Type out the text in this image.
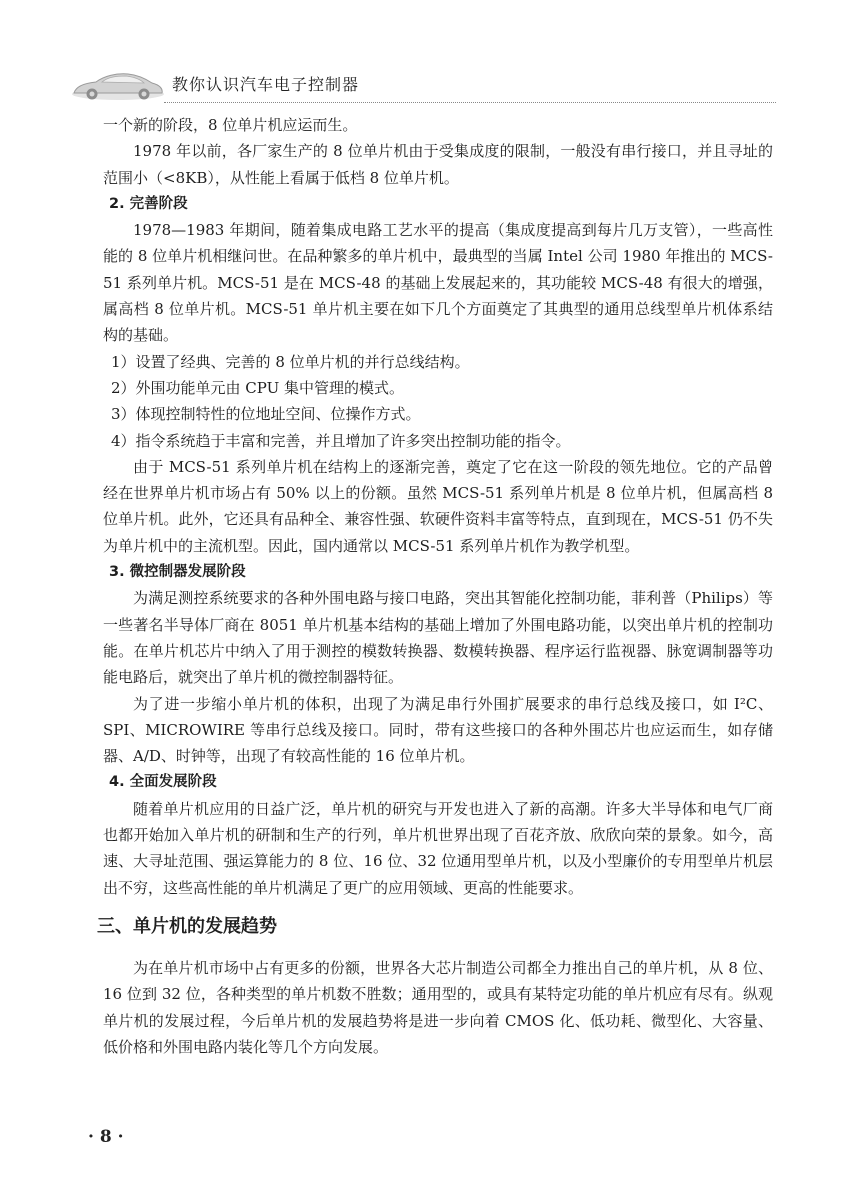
教你认识汽车电子控制器

一个新的阶段，8 位单片机应运而生。

1978 年以前，各厂家生产的 8 位单片机由于受集成度的限制，一般没有串行接口，并且寻址的范围小（<8KB），从性能上看属于低档 8 位单片机。

2. 完善阶段

1978—1983 年期间，随着集成电路工艺水平的提高（集成度提高到每片几万支管），一些高性能的 8 位单片机相继问世。在品种繁多的单片机中，最典型的当属 Intel 公司 1980 年推出的 MCS-51 系列单片机。MCS-51 是在 MCS-48 的基础上发展起来的，其功能较 MCS-48 有很大的增强，属高档 8 位单片机。MCS-51 单片机主要在如下几个方面奠定了其典型的通用总线型单片机体系结构的基础。

1）设置了经典、完善的 8 位单片机的并行总线结构。

2）外围功能单元由 CPU 集中管理的模式。

3）体现控制特性的位地址空间、位操作方式。

4）指令系统趋于丰富和完善，并且增加了许多突出控制功能的指令。

由于 MCS-51 系列单片机在结构上的逐渐完善，奠定了它在这一阶段的领先地位。它的产品曾经在世界单片机市场占有 50% 以上的份额。虽然 MCS-51 系列单片机是 8 位单片机，但属高档 8 位单片机。此外，它还具有品种全、兼容性强、软硬件资料丰富等特点，直到现在，MCS-51 仍不失为单片机中的主流机型。因此，国内通常以 MCS-51 系列单片机作为教学机型。

3. 微控制器发展阶段

为满足测控系统要求的各种外围电路与接口电路，突出其智能化控制功能，菲利普（Philips）等一些著名半导体厂商在 8051 单片机基本结构的基础上增加了外围电路功能，以突出单片机的控制功能。在单片机芯片中纳入了用于测控的模数转换器、数模转换器、程序运行监视器、脉宽调制器等功能电路后，就突出了单片机的微控制器特征。

为了进一步缩小单片机的体积，出现了为满足串行外围扩展要求的串行总线及接口，如 I²C、SPI、MICROWIRE 等串行总线及接口。同时，带有这些接口的各种外围芯片也应运而生，如存储器、A/D、时钟等，出现了有较高性能的 16 位单片机。

4. 全面发展阶段

随着单片机应用的日益广泛，单片机的研究与开发也进入了新的高潮。许多大半导体和电气厂商也都开始加入单片机的研制和生产的行列，单片机世界出现了百花齐放、欣欣向荣的景象。如今，高速、大寻址范围、强运算能力的 8 位、16 位、32 位通用型单片机，以及小型廉价的专用型单片机层出不穷，这些高性能的单片机满足了更广的应用领域、更高的性能要求。

三、单片机的发展趋势

为在单片机市场中占有更多的份额，世界各大芯片制造公司都全力推出自己的单片机，从 8 位、16 位到 32 位，各种类型的单片机数不胜数；通用型的，或具有某特定功能的单片机应有尽有。纵观单片机的发展过程，今后单片机的发展趋势将是进一步向着 CMOS 化、低功耗、微型化、大容量、低价格和外围电路内装化等几个方向发展。

· 8 ·
